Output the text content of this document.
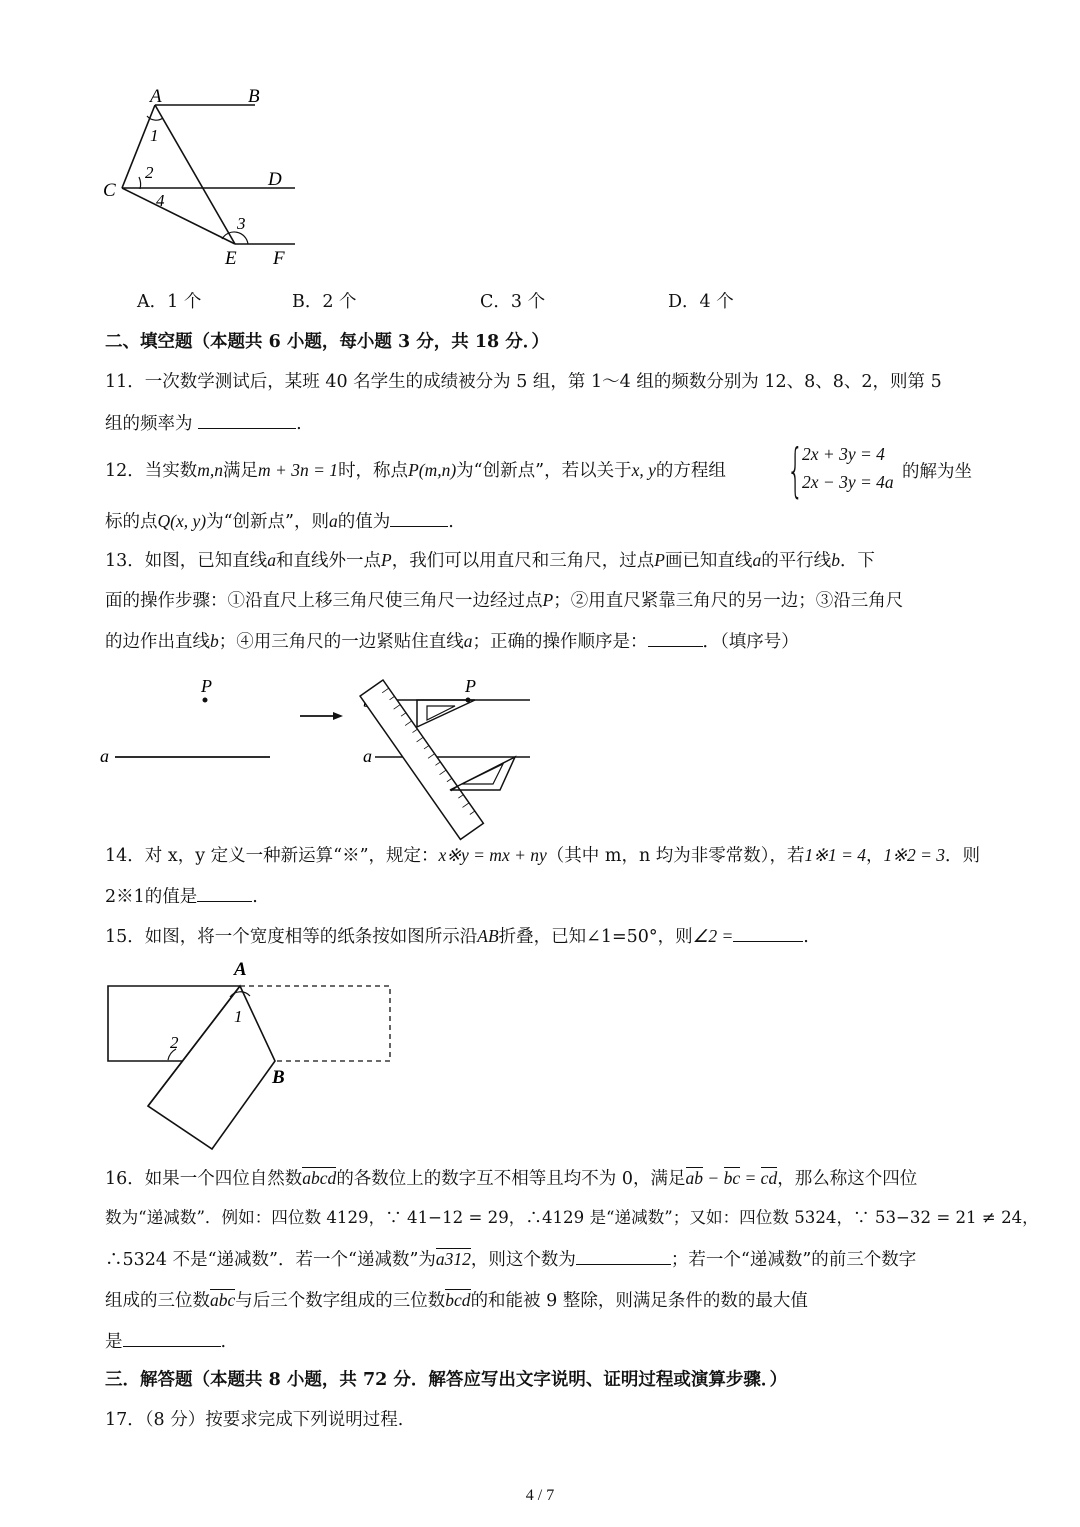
A	B
C
D
E F
1
2
4
3
A．1 个	B．2 个	C．3 个	D．4 个
二、填空题（本题共 6 小题，每小题 3 分，共 18 分．）
11．一次数学测试后，某班 40 名学生的成绩被分为 5 组，第 1～4 组的频数分别为 12、8、8、2，则第 5
组的频率为	.
12．当实数m,n满足m + 3n = 1时，称点P(m,n)为“创新点”，若以关于x, y的方程组 {
2x + 3y = 4
2x − 3y = 4a 的解为坐
标的点Q(x, y)为“创新点”，则a的值为	.
13．如图，已知直线a和直线外一点P，我们可以用直尺和三角尺，过点P画已知直线a的平行线b．下
面的操作步骤：①沿直尺上移三角尺使三角尺一边经过点P；②用直尺紧靠三角尺的另一边；③沿三角尺
的边作出直线b；④用三角尺的一边紧贴住直线a；正确的操作顺序是：	．（填序号）
P
a	a
P
14．对 x，y 定义一种新运算“※”，规定：x※y = mx + ny（其中 m，n 均为非零常数），若1※1 = 4，1※2 = 3．则
2※1的值是	.
15．如图，将一个宽度相等的纸条按如图所示沿AB折叠，已知∠1=50°，则∠2 =	.
A
B
1
2
16．如果一个四位自然数abcd的各数位上的数字互不相等且均不为 0，满足ab − bc = cd，那么称这个四位
数为“递减数”．例如：四位数 4129，∵ 41−12 = 29，∴4129 是“递减数”；又如：四位数 5324，∵ 53−32 = 21 ≠ 24，
∴5324 不是“递减数”．若一个“递减数”为a312，则这个数为	；若一个“递减数”的前三个数字
组成的三位数abc与后三个数字组成的三位数bcd的和能被 9 整除，则满足条件的数的最大值
是	.
三．解答题（本题共 8 小题，共 72 分．解答应写出文字说明、证明过程或演算步骤．）
17．（8 分）按要求完成下列说明过程.
4 / 7
